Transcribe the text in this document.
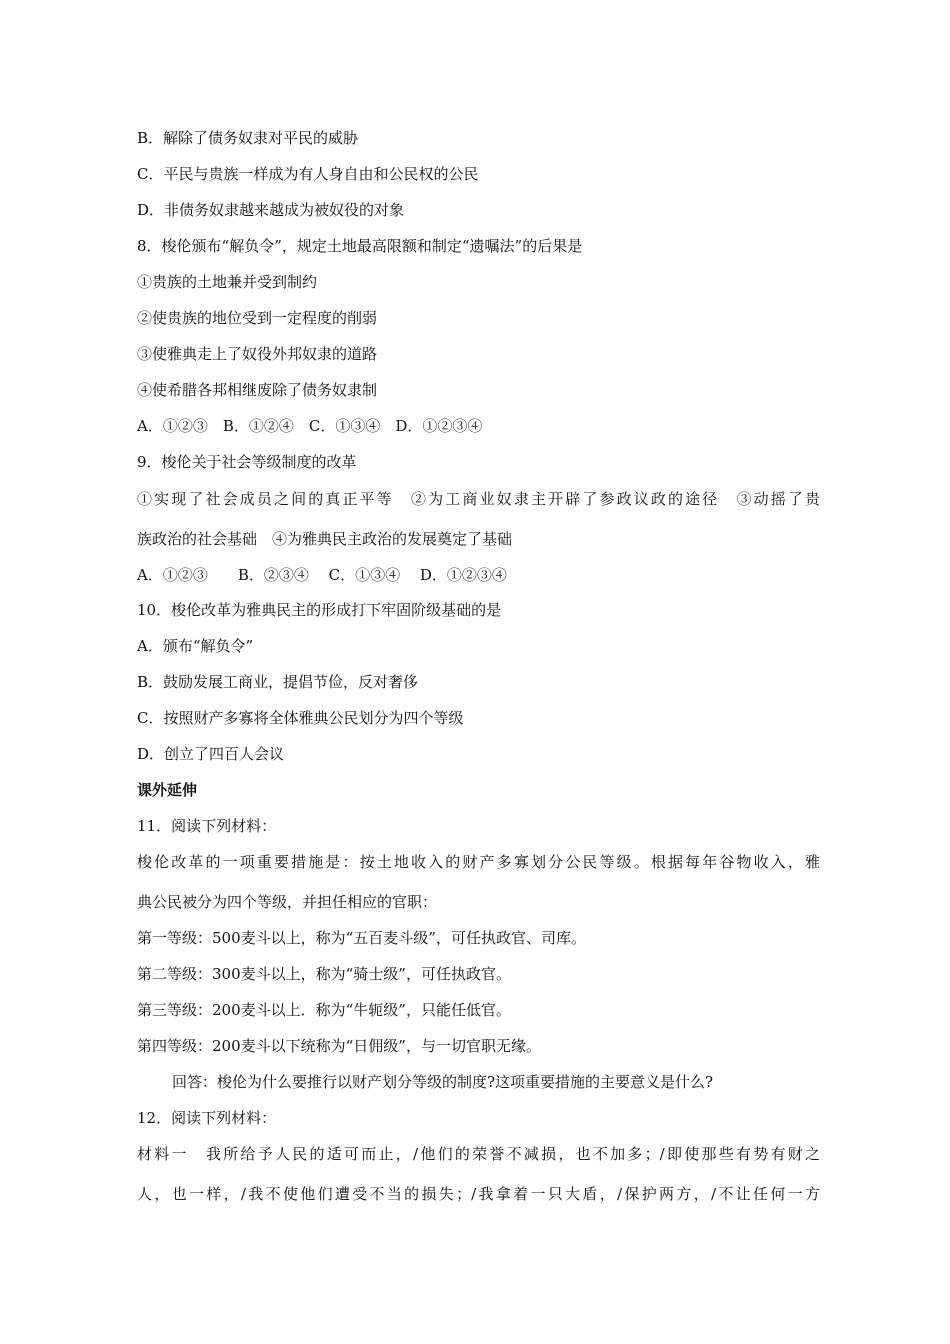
B．解除了债务奴隶对平民的威胁
C．平民与贵族一样成为有人身自由和公民权的公民
D．非债务奴隶越来越成为被奴役的对象
8．梭伦颁布“解负令”，规定土地最高限额和制定“遗嘱法”的后果是
①贵族的土地兼并受到制约
②使贵族的地位受到一定程度的削弱
③使雅典走上了奴役外邦奴隶的道路
④使希腊各邦相继废除了债务奴隶制
A．①②③　B．①②④　C．①③④　D．①②③④
9．梭伦关于社会等级制度的改革
①实现了社会成员之间的真正平等　②为工商业奴隶主开辟了参政议政的途径　③动摇了贵
族政治的社会基础　④为雅典民主政治的发展奠定了基础
A．①②③　　B．②③④　 C．①③④　 D．①②③④
10．梭伦改革为雅典民主的形成打下牢固阶级基础的是
A．颁布“解负令”
B．鼓励发展工商业，提倡节俭，反对奢侈
C．按照财产多寡将全体雅典公民划分为四个等级
D．创立了四百人会议
课外延伸
11．阅读下列材料：
梭伦改革的一项重要措施是：按土地收入的财产多寡划分公民等级。根据每年谷物收入，雅
典公民被分为四个等级，并担任相应的官职：
第一等级：500麦斗以上，称为“五百麦斗级”，可任执政官、司库。
第二等级：300麦斗以上，称为“骑士级”，可任执政官。
第三等级：200麦斗以上．称为“牛轭级”，只能任低官。
第四等级：200麦斗以下统称为“日佣级”，与一切官职无缘。
回答：梭伦为什么要推行以财产划分等级的制度?这项重要措施的主要意义是什么?
12．阅读下列材料：
材料一　我所给予人民的适可而止，/他们的荣誉不减损，也不加多；/即使那些有势有财之
人，也一样，/我不使他们遭受不当的损失；/我拿着一只大盾，/保护两方，/不让任何一方
